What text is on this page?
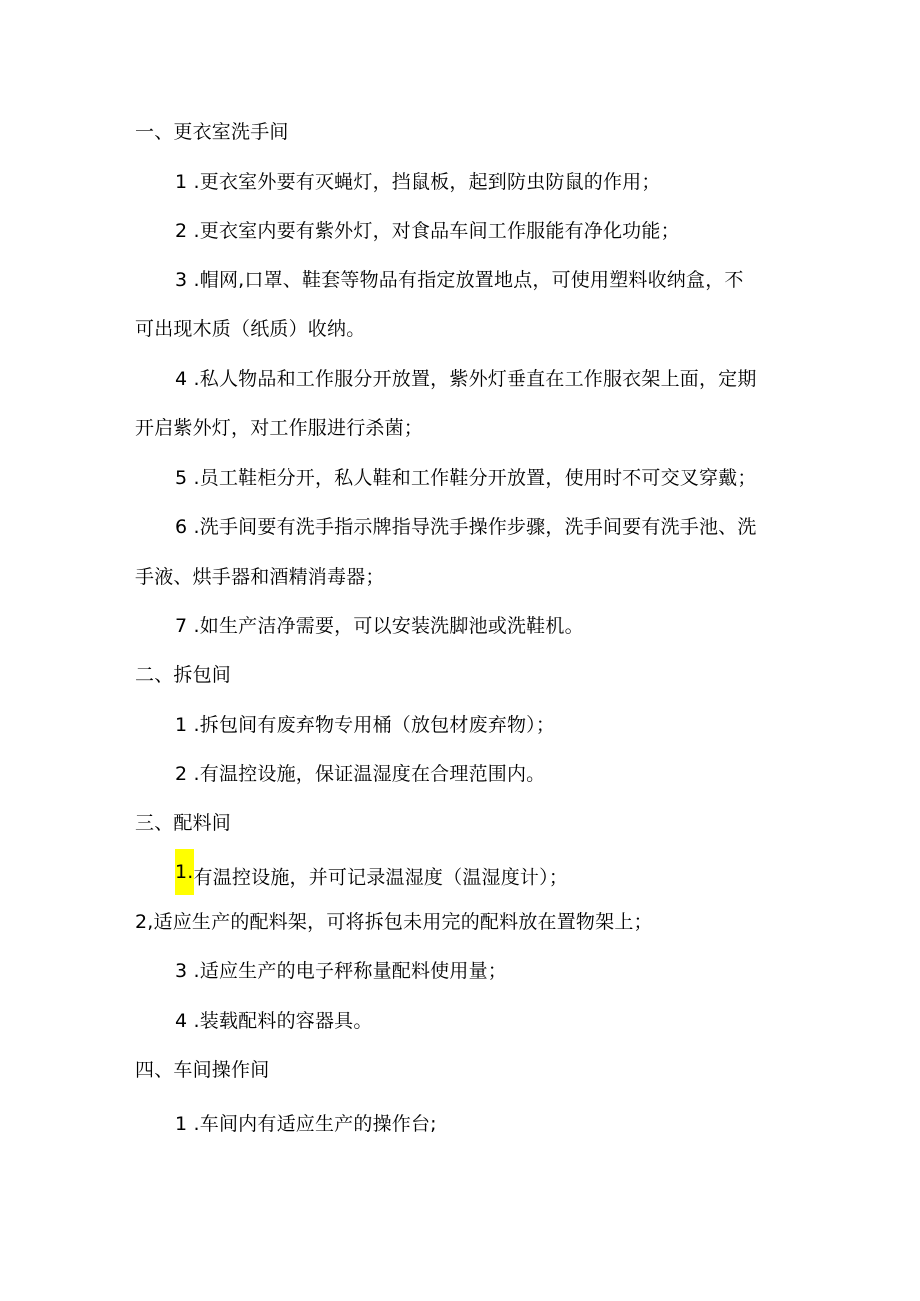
一、更衣室洗手间
1 .更衣室外要有灭蝇灯，挡鼠板，起到防虫防鼠的作用；
2 .更衣室内要有紫外灯，对食品车间工作服能有净化功能；
3 .帽网,口罩、鞋套等物品有指定放置地点，可使用塑料收纳盒，不
可出现木质（纸质）收纳。
4 .私人物品和工作服分开放置，紫外灯垂直在工作服衣架上面，定期
开启紫外灯，对工作服进行杀菌；
5 .员工鞋柜分开，私人鞋和工作鞋分开放置，使用时不可交叉穿戴；
6 .洗手间要有洗手指示牌指导洗手操作步骤，洗手间要有洗手池、洗
手液、烘手器和酒精消毒器；
7 .如生产洁净需要，可以安装洗脚池或洗鞋机。
二、拆包间
1 .拆包间有废弃物专用桶（放包材废弃物）；
2 .有温控设施，保证温湿度在合理范围内。
三、配料间
1.有温控设施，并可记录温湿度（温湿度计）；
2,适应生产的配料架，可将拆包未用完的配料放在置物架上；
3 .适应生产的电子秤称量配料使用量；
4 .装载配料的容器具。
四、车间操作间
1 .车间内有适应生产的操作台;
